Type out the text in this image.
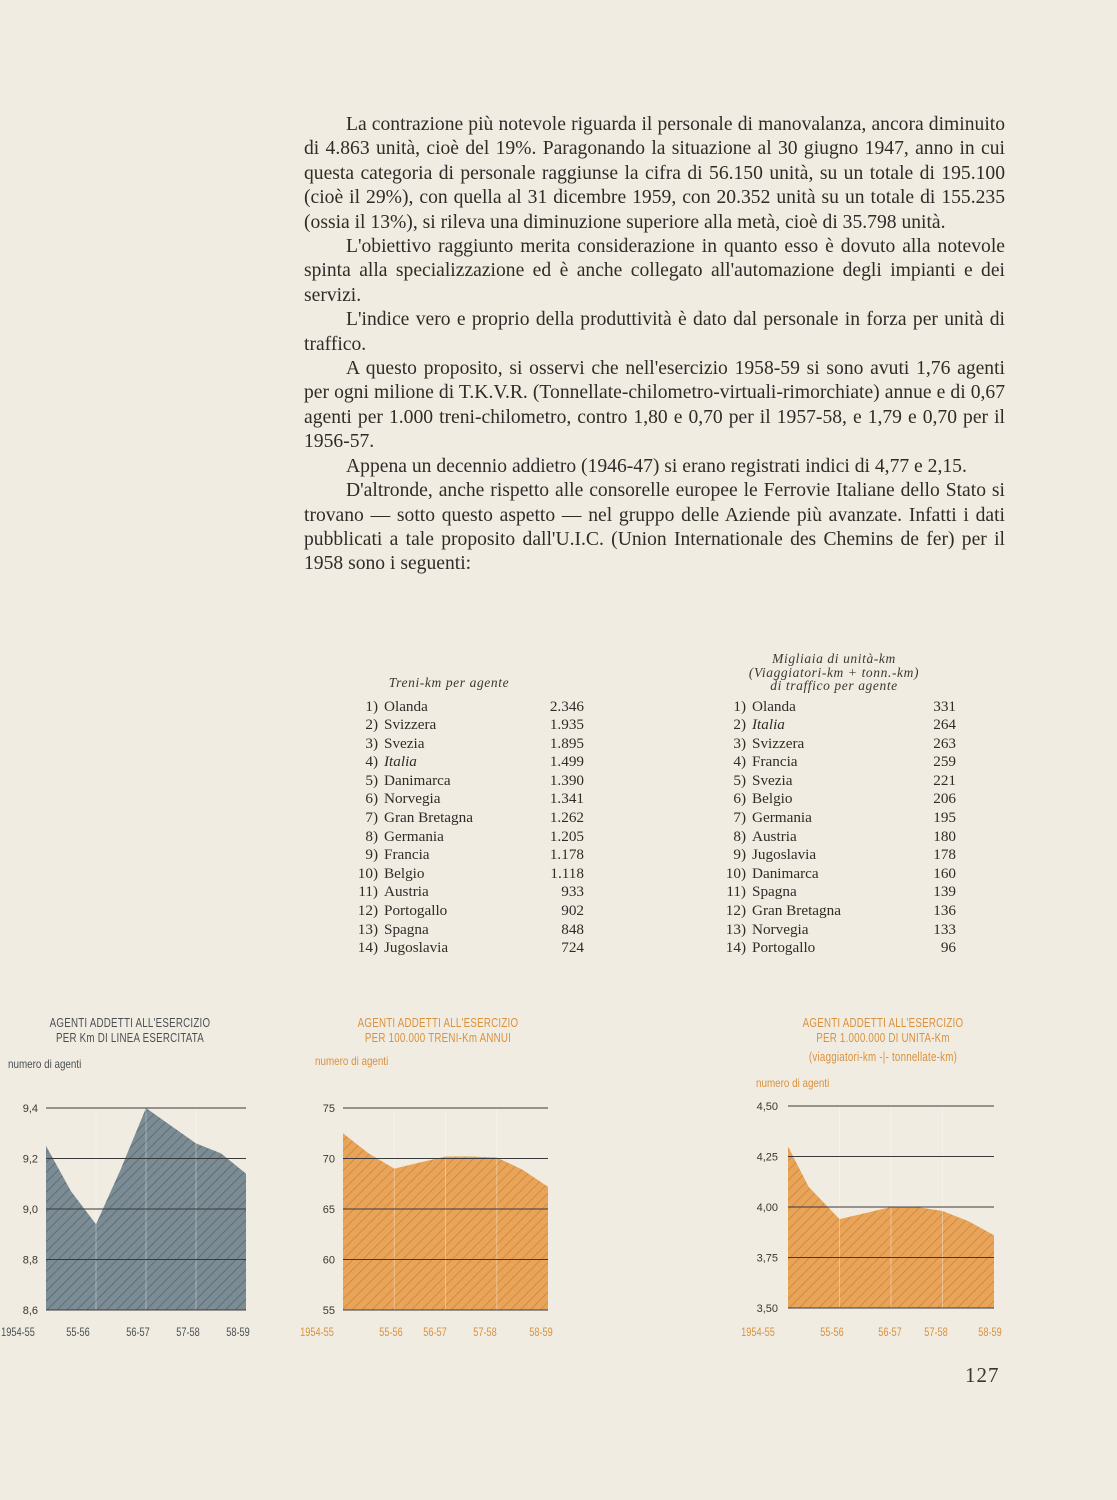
La contrazione più notevole riguarda il personale di manovalanza, ancora diminuito di 4.863 unità, cioè del 19%. Paragonando la situazione al 30 giugno 1947, anno in cui questa categoria di personale raggiunse la cifra di 56.150 unità, su un totale di 195.100 (cioè il 29%), con quella al 31 dicembre 1959, con 20.352 unità su un totale di 155.235 (ossia il 13%), si rileva una diminuzione superiore alla metà, cioè di 35.798 unità.

L'obiettivo raggiunto merita considerazione in quanto esso è dovuto alla notevole spinta alla specializzazione ed è anche collegato all'automazione degli impianti e dei servizi.

L'indice vero e proprio della produttività è dato dal personale in forza per unità di traffico.

A questo proposito, si osservi che nell'esercizio 1958-59 si sono avuti 1,76 agenti per ogni milione di T.K.V.R. (Tonnellate-chilometro-virtuali-rimorchiate) annue e di 0,67 agenti per 1.000 treni-chilometro, contro 1,80 e 0,70 per il 1957-58, e 1,79 e 0,70 per il 1956-57.

Appena un decennio addietro (1946-47) si erano registrati indici di 4,77 e 2,15.

D'altronde, anche rispetto alle consorelle europee le Ferrovie Italiane dello Stato si trovano — sotto questo aspetto — nel gruppo delle Aziende più avanzate. Infatti i dati pubblicati a tale proposito dall'U.I.C. (Union Internationale des Chemins de fer) per il 1958 sono i seguenti:

Treni-km per agente
1) Olanda	2.346
2) Svizzera	1.935
3) Svezia	1.895
4) Italia	1.499
5) Danimarca	1.390
6) Norvegia	1.341
7) Gran Bretagna	1.262
8) Germania	1.205
9) Francia	1.178
10) Belgio	1.118
11) Austria	933
12) Portogallo	902
13) Spagna	848
14) Jugoslavia	724
Migliaia di unità-km
(Viaggiatori-km + tonn.-km)
di traffico per agente
1) Olanda	331
2) Italia	264
3) Svizzera	263
4) Francia	259
5) Svezia	221
6) Belgio	206
7) Germania	195
8) Austria	180
9) Jugoslavia	178
10) Danimarca	160
11) Spagna	139
12) Gran Bretagna	136
13) Norvegia	133
14) Portogallo	96
AGENTI ADDETTI ALL'ESERCIZIO
PER Km DI LINEA ESERCITATA
numero di agenti
9,4
9,2
9,0
8,8
8,6
1954-55	55-56	56-57 57-58 58-59
AGENTI ADDETTI ALL'ESERCIZIO
PER 100.000 TRENI-Km ANNUI
numero di agenti
75
70
65
60
55
1954-55	55-56 56-57 57-58	58-59
AGENTI ADDETTI ALL'ESERCIZIO
PER 1.000.000 DI UNITA-Km
(viaggiatori-km -|- tonnellate-km)
numero di agenti
4,50
4,25
4,00
3,75
3,50
1954-55	55-56	56-57 57-58	58-59
127
